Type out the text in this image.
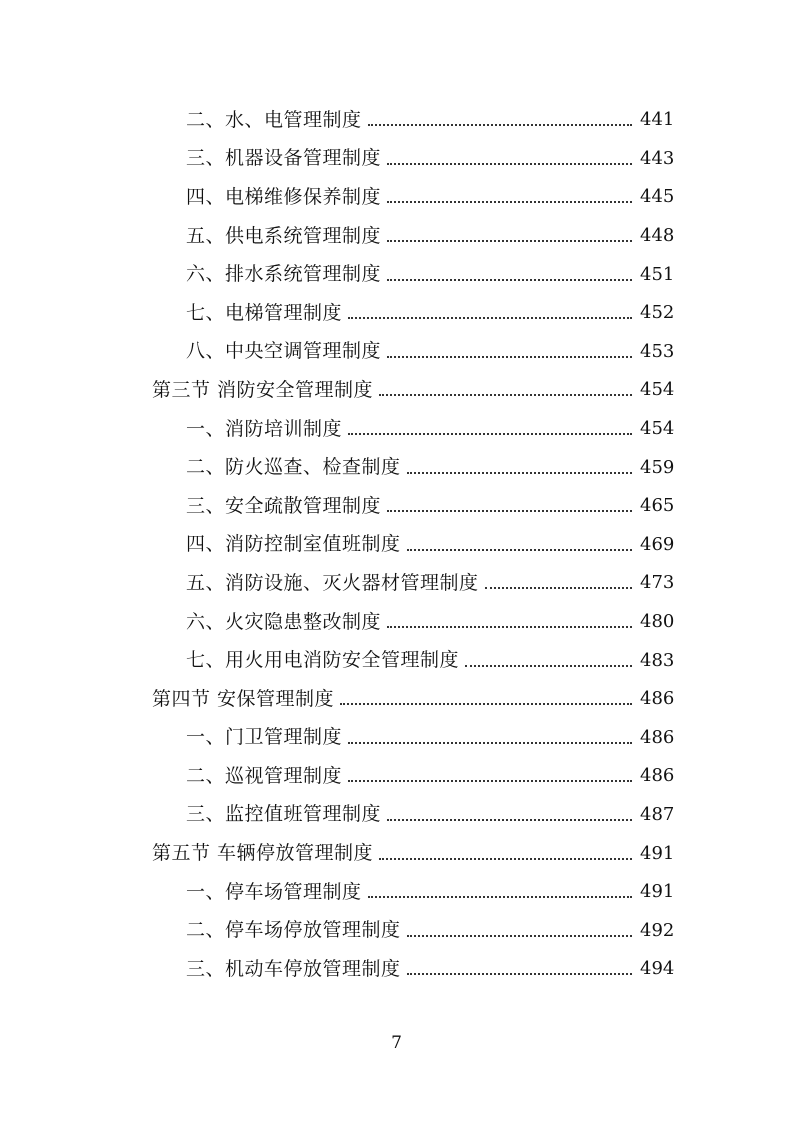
二、水、电管理制度	441
三、机器设备管理制度	443
四、电梯维修保养制度	445
五、供电系统管理制度	448
六、排水系统管理制度	451
七、电梯管理制度	452
八、中央空调管理制度	453
第三节 消防安全管理制度	454
一、消防培训制度	454
二、防火巡查、检查制度	459
三、安全疏散管理制度	465
四、消防控制室值班制度	469
五、消防设施、灭火器材管理制度	473
六、火灾隐患整改制度	480
七、用火用电消防安全管理制度	483
第四节 安保管理制度	486
一、门卫管理制度	486
二、巡视管理制度	486
三、监控值班管理制度	487
第五节 车辆停放管理制度	491
一、停车场管理制度	491
二、停车场停放管理制度	492
三、机动车停放管理制度	494
7
